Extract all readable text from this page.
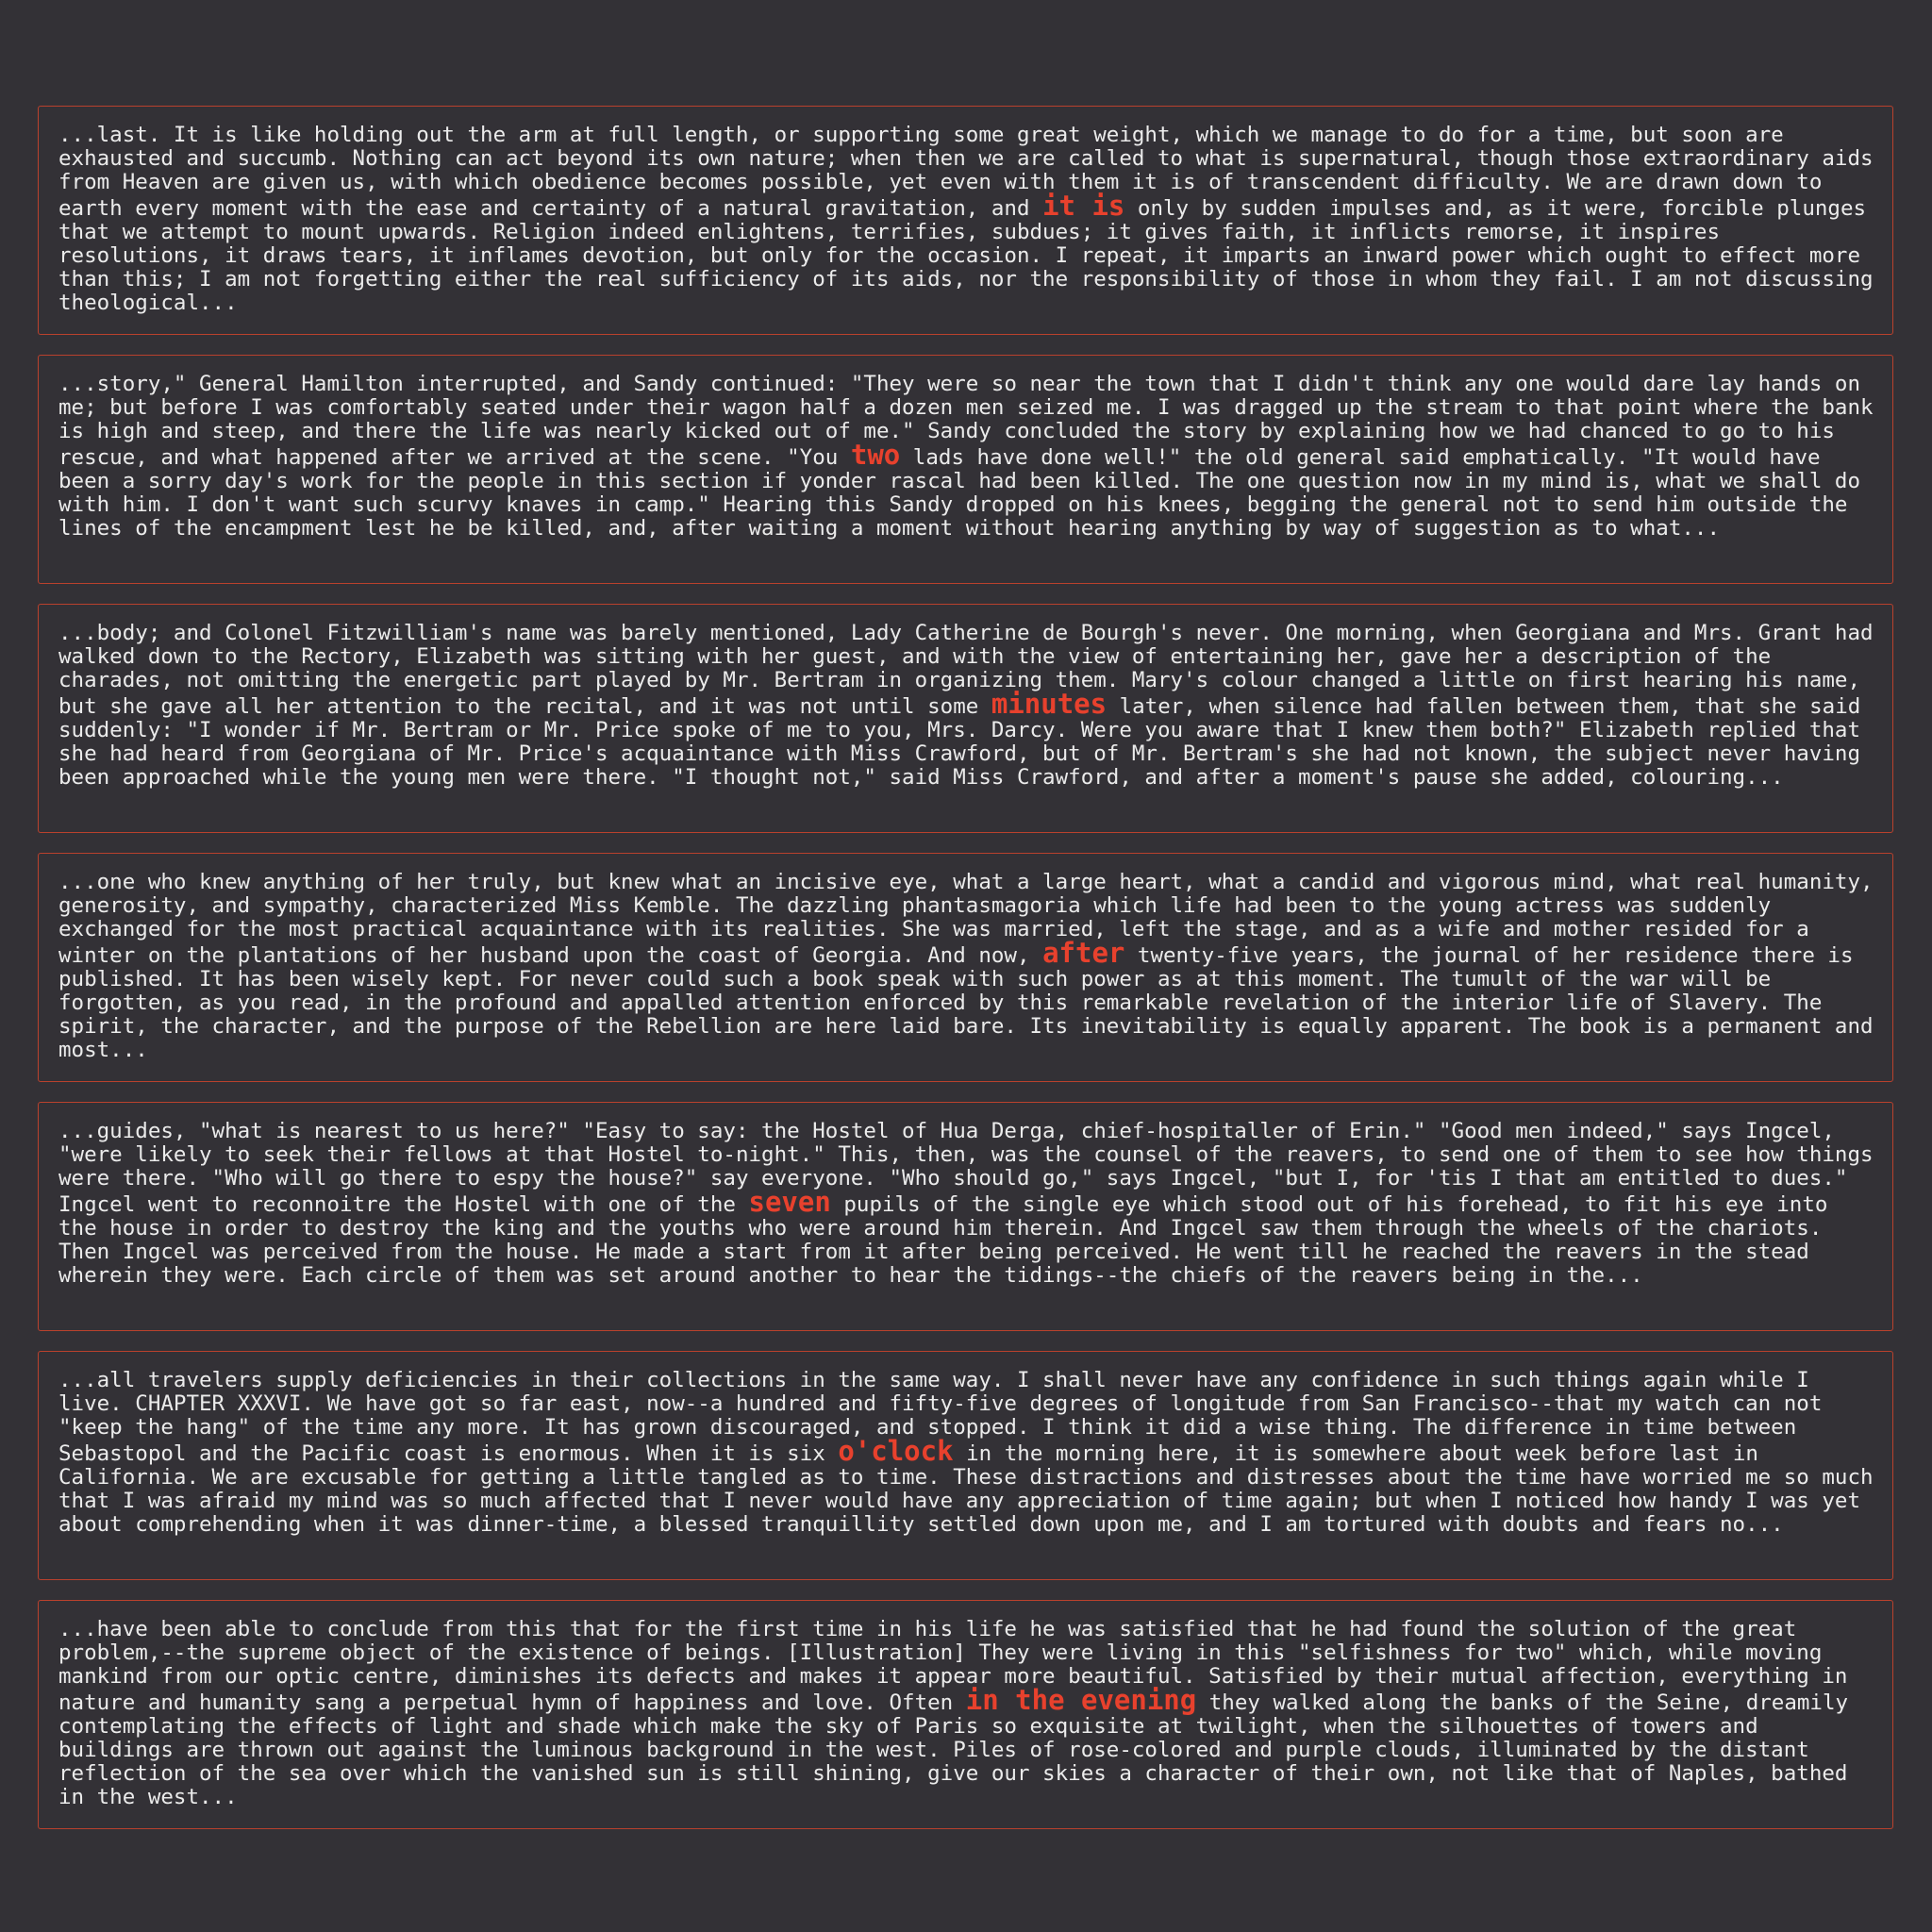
...last. It is like holding out the arm at full length, or supporting some great weight, which we manage to do for a time, but soon are exhausted and succumb. Nothing can act beyond its own nature; when then we are called to what is supernatural, though those extraordinary aids from Heaven are given us, with which obedience becomes possible, yet even with them it is of transcendent difficulty. We are drawn down to earth every moment with the ease and certainty of a natural gravitation, and it is only by sudden impulses and, as it were, forcible plunges that we attempt to mount upwards. Religion indeed enlightens, terrifies, subdues; it gives faith, it inflicts remorse, it inspires resolutions, it draws tears, it inflames devotion, but only for the occasion. I repeat, it imparts an inward power which ought to effect more than this; I am not forgetting either the real sufficiency of its aids, nor the responsibility of those in whom they fail. I am not discussing theological...

...story," General Hamilton interrupted, and Sandy continued: "They were so near the town that I didn't think any one would dare lay hands on me; but before I was comfortably seated under their wagon half a dozen men seized me. I was dragged up the stream to that point where the bank is high and steep, and there the life was nearly kicked out of me." Sandy concluded the story by explaining how we had chanced to go to his rescue, and what happened after we arrived at the scene. "You two lads have done well!" the old general said emphatically. "It would have been a sorry day's work for the people in this section if yonder rascal had been killed. The one question now in my mind is, what we shall do with him. I don't want such scurvy knaves in camp." Hearing this Sandy dropped on his knees, begging the general not to send him outside the lines of the encampment lest he be killed, and, after waiting a moment without hearing anything by way of suggestion as to what...

...body; and Colonel Fitzwilliam's name was barely mentioned, Lady Catherine de Bourgh's never. One morning, when Georgiana and Mrs. Grant had walked down to the Rectory, Elizabeth was sitting with her guest, and with the view of entertaining her, gave her a description of the charades, not omitting the energetic part played by Mr. Bertram in organizing them. Mary's colour changed a little on first hearing his name, but she gave all her attention to the recital, and it was not until some minutes later, when silence had fallen between them, that she said suddenly: "I wonder if Mr. Bertram or Mr. Price spoke of me to you, Mrs. Darcy. Were you aware that I knew them both?" Elizabeth replied that she had heard from Georgiana of Mr. Price's acquaintance with Miss Crawford, but of Mr. Bertram's she had not known, the subject never having been approached while the young men were there. "I thought not," said Miss Crawford, and after a moment's pause she added, colouring...

...one who knew anything of her truly, but knew what an incisive eye, what a large heart, what a candid and vigorous mind, what real humanity, generosity, and sympathy, characterized Miss Kemble. The dazzling phantasmagoria which life had been to the young actress was suddenly exchanged for the most practical acquaintance with its realities. She was married, left the stage, and as a wife and mother resided for a winter on the plantations of her husband upon the coast of Georgia. And now, after twenty-five years, the journal of her residence there is published. It has been wisely kept. For never could such a book speak with such power as at this moment. The tumult of the war will be forgotten, as you read, in the profound and appalled attention enforced by this remarkable revelation of the interior life of Slavery. The spirit, the character, and the purpose of the Rebellion are here laid bare. Its inevitability is equally apparent. The book is a permanent and most...

...guides, "what is nearest to us here?" "Easy to say: the Hostel of Hua Derga, chief-hospitaller of Erin." "Good men indeed," says Ingcel, "were likely to seek their fellows at that Hostel to-night." This, then, was the counsel of the reavers, to send one of them to see how things were there. "Who will go there to espy the house?" say everyone. "Who should go," says Ingcel, "but I, for 'tis I that am entitled to dues." Ingcel went to reconnoitre the Hostel with one of the seven pupils of the single eye which stood out of his forehead, to fit his eye into the house in order to destroy the king and the youths who were around him therein. And Ingcel saw them through the wheels of the chariots. Then Ingcel was perceived from the house. He made a start from it after being perceived. He went till he reached the reavers in the stead wherein they were. Each circle of them was set around another to hear the tidings--the chiefs of the reavers being in the...

...all travelers supply deficiencies in their collections in the same way. I shall never have any confidence in such things again while I live. CHAPTER XXXVI. We have got so far east, now--a hundred and fifty-five degrees of longitude from San Francisco--that my watch can not "keep the hang" of the time any more. It has grown discouraged, and stopped. I think it did a wise thing. The difference in time between Sebastopol and the Pacific coast is enormous. When it is six o'clock in the morning here, it is somewhere about week before last in California. We are excusable for getting a little tangled as to time. These distractions and distresses about the time have worried me so much that I was afraid my mind was so much affected that I never would have any appreciation of time again; but when I noticed how handy I was yet about comprehending when it was dinner-time, a blessed tranquillity settled down upon me, and I am tortured with doubts and fears no...

...have been able to conclude from this that for the first time in his life he was satisfied that he had found the solution of the great problem,--the supreme object of the existence of beings. [Illustration] They were living in this "selfishness for two" which, while moving mankind from our optic centre, diminishes its defects and makes it appear more beautiful. Satisfied by their mutual affection, everything in nature and humanity sang a perpetual hymn of happiness and love. Often in the evening they walked along the banks of the Seine, dreamily contemplating the effects of light and shade which make the sky of Paris so exquisite at twilight, when the silhouettes of towers and buildings are thrown out against the luminous background in the west. Piles of rose-colored and purple clouds, illuminated by the distant reflection of the sea over which the vanished sun is still shining, give our skies a character of their own, not like that of Naples, bathed in the west...
